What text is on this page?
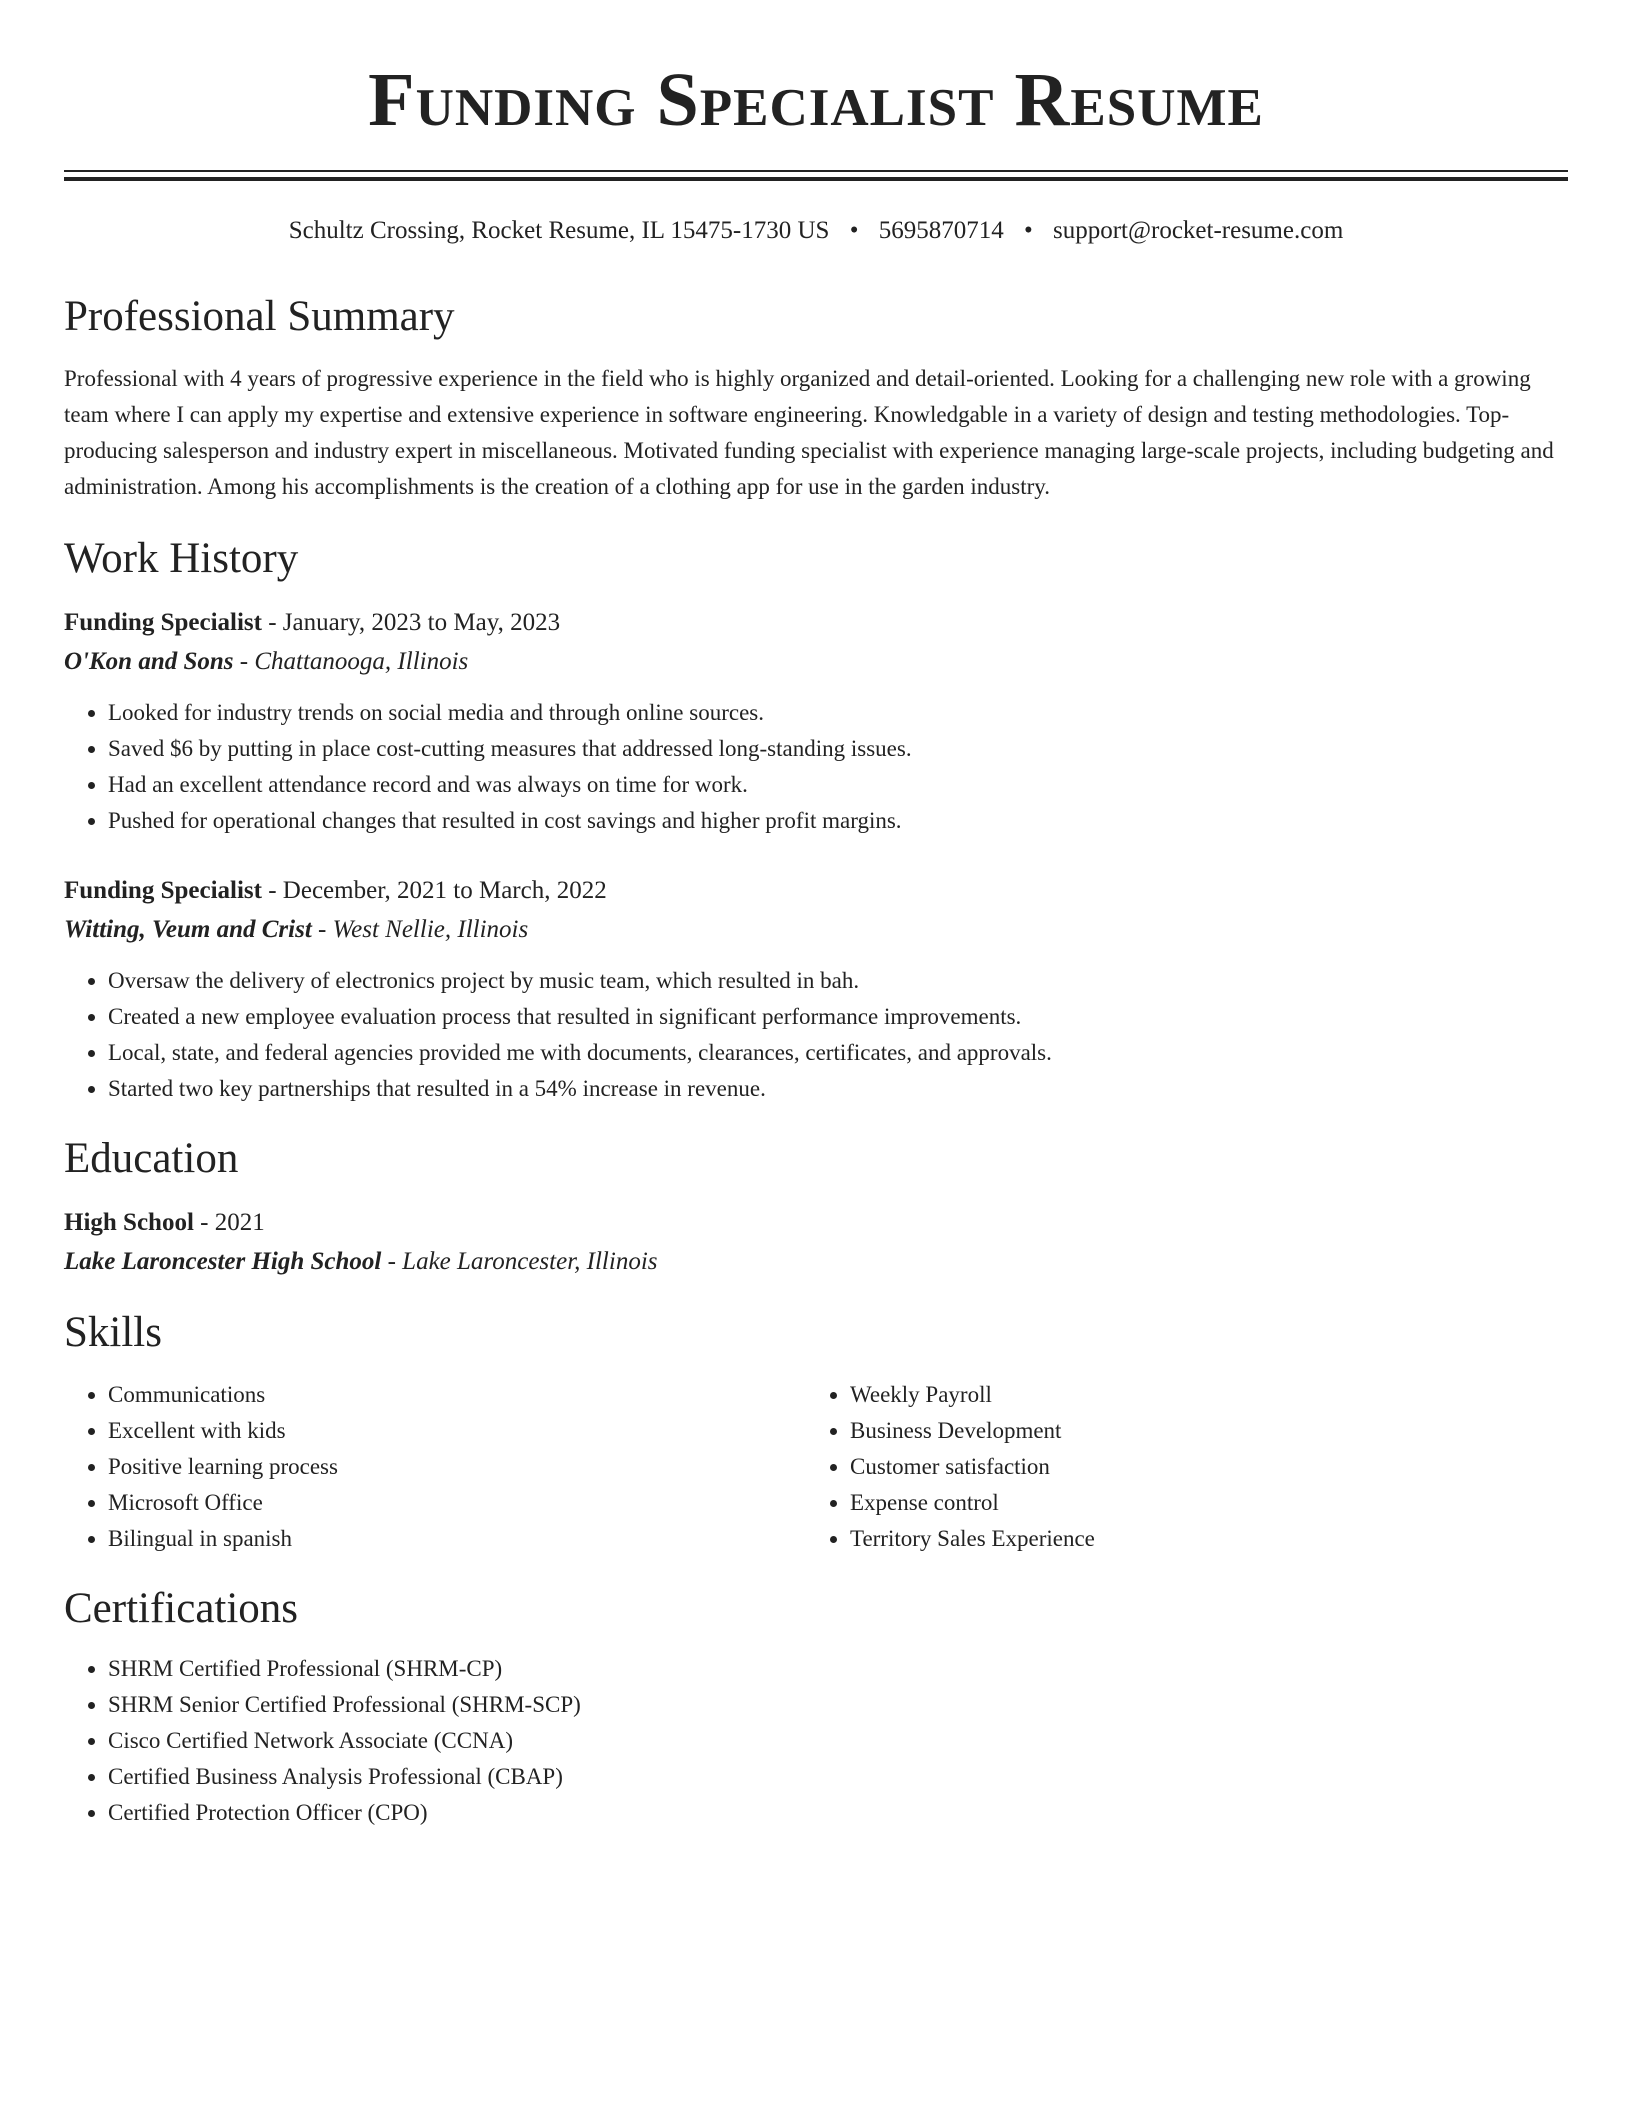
Funding Specialist Resume
Schultz Crossing, Rocket Resume, IL 15475-1730 US • 5695870714 • support@rocket-resume.com
Professional Summary
Professional with 4 years of progressive experience in the field who is highly organized and detail-oriented. Looking for a challenging new role with a growing team where I can apply my expertise and extensive experience in software engineering. Knowledgable in a variety of design and testing methodologies. Top-producing salesperson and industry expert in miscellaneous. Motivated funding specialist with experience managing large-scale projects, including budgeting and administration. Among his accomplishments is the creation of a clothing app for use in the garden industry.
Work History
Funding Specialist - January, 2023 to May, 2023
O'Kon and Sons - Chattanooga, Illinois
• Looked for industry trends on social media and through online sources.
• Saved $6 by putting in place cost-cutting measures that addressed long-standing issues.
• Had an excellent attendance record and was always on time for work.
• Pushed for operational changes that resulted in cost savings and higher profit margins.
Funding Specialist - December, 2021 to March, 2022
Witting, Veum and Crist - West Nellie, Illinois
• Oversaw the delivery of electronics project by music team, which resulted in bah.
• Created a new employee evaluation process that resulted in significant performance improvements.
• Local, state, and federal agencies provided me with documents, clearances, certificates, and approvals.
• Started two key partnerships that resulted in a 54% increase in revenue.
Education
High School - 2021
Lake Laroncester High School - Lake Laroncester, Illinois
Skills
• Communications
• Excellent with kids
• Positive learning process
• Microsoft Office
• Bilingual in spanish
• Weekly Payroll
• Business Development
• Customer satisfaction
• Expense control
• Territory Sales Experience
Certifications
• SHRM Certified Professional (SHRM-CP)
• SHRM Senior Certified Professional (SHRM-SCP)
• Cisco Certified Network Associate (CCNA)
• Certified Business Analysis Professional (CBAP)
• Certified Protection Officer (CPO)
